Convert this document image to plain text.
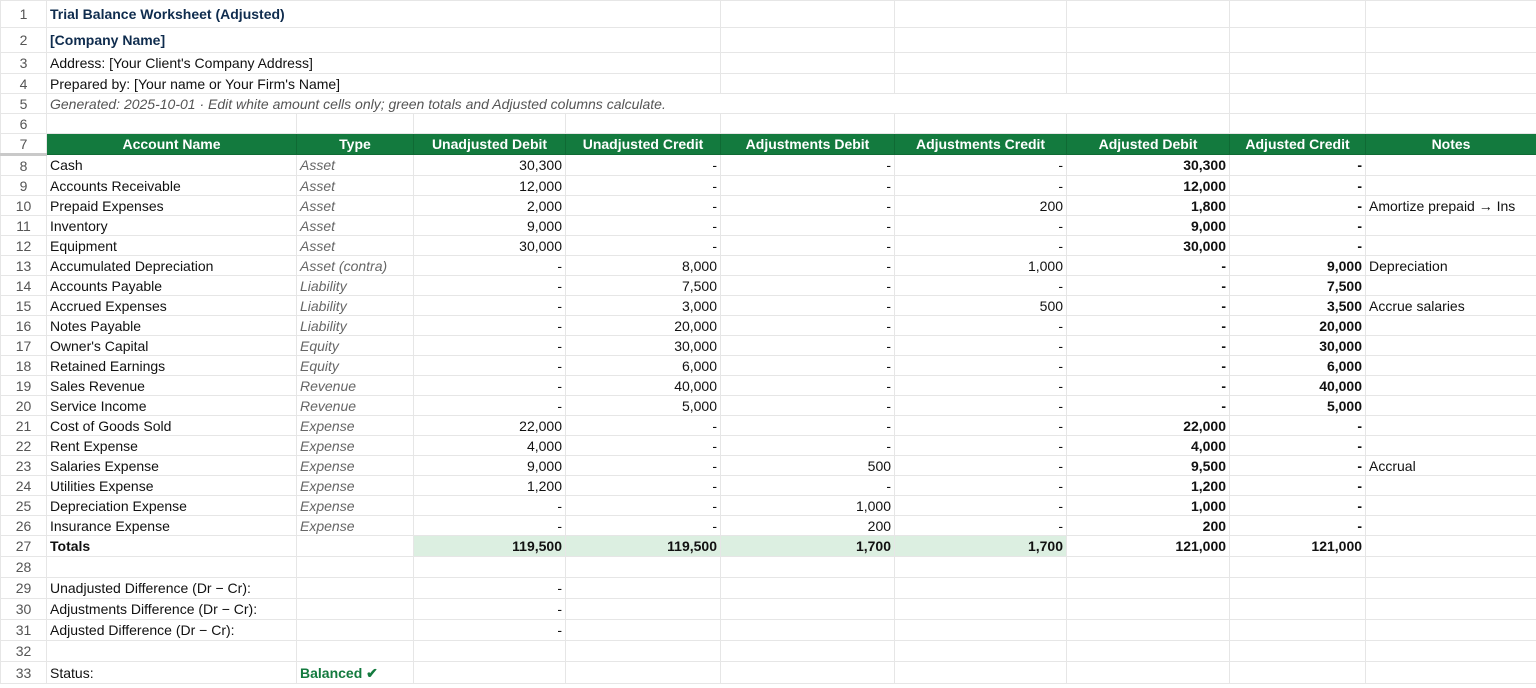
1	Trial Balance Worksheet (Adjusted)								
2	[Company Name]								
3	Address: [Your Client's Company Address]								
4	Prepared by: [Your name or Your Firm's Name]								
5	Generated: 2025-10-01 · Edit white amount cells only; green totals and Adjusted columns calculate.								
6									
7	Account Name	Type	Unadjusted Debit	Unadjusted Credit	Adjustments Debit	Adjustments Credit	Adjusted Debit	Adjusted Credit	Notes
8	Cash	Asset	30,300	-	-	-	30,300	-	
9	Accounts Receivable	Asset	12,000	-	-	-	12,000	-	
10	Prepaid Expenses	Asset	2,000	-	-	200	1,800	-	Amortize prepaid → Ins
11	Inventory	Asset	9,000	-	-	-	9,000	-	
12	Equipment	Asset	30,000	-	-	-	30,000	-	
13	Accumulated Depreciation	Asset (contra)	-	8,000	-	1,000	-	9,000	Depreciation
14	Accounts Payable	Liability	-	7,500	-	-	-	7,500	
15	Accrued Expenses	Liability	-	3,000	-	500	-	3,500	Accrue salaries
16	Notes Payable	Liability	-	20,000	-	-	-	20,000	
17	Owner's Capital	Equity	-	30,000	-	-	-	30,000	
18	Retained Earnings	Equity	-	6,000	-	-	-	6,000	
19	Sales Revenue	Revenue	-	40,000	-	-	-	40,000	
20	Service Income	Revenue	-	5,000	-	-	-	5,000	
21	Cost of Goods Sold	Expense	22,000	-	-	-	22,000	-	
22	Rent Expense	Expense	4,000	-	-	-	4,000	-	
23	Salaries Expense	Expense	9,000	-	500	-	9,500	-	Accrual
24	Utilities Expense	Expense	1,200	-	-	-	1,200	-	
25	Depreciation Expense	Expense	-	-	1,000	-	1,000	-	
26	Insurance Expense	Expense	-	-	200	-	200	-	
27	Totals		119,500	119,500	1,700	1,700	121,000	121,000	
28									
29	Unadjusted Difference (Dr − Cr):		-						
30	Adjustments Difference (Dr − Cr):		-						
31	Adjusted Difference (Dr − Cr):		-						
32									
33	Status:	Balanced ✔							
